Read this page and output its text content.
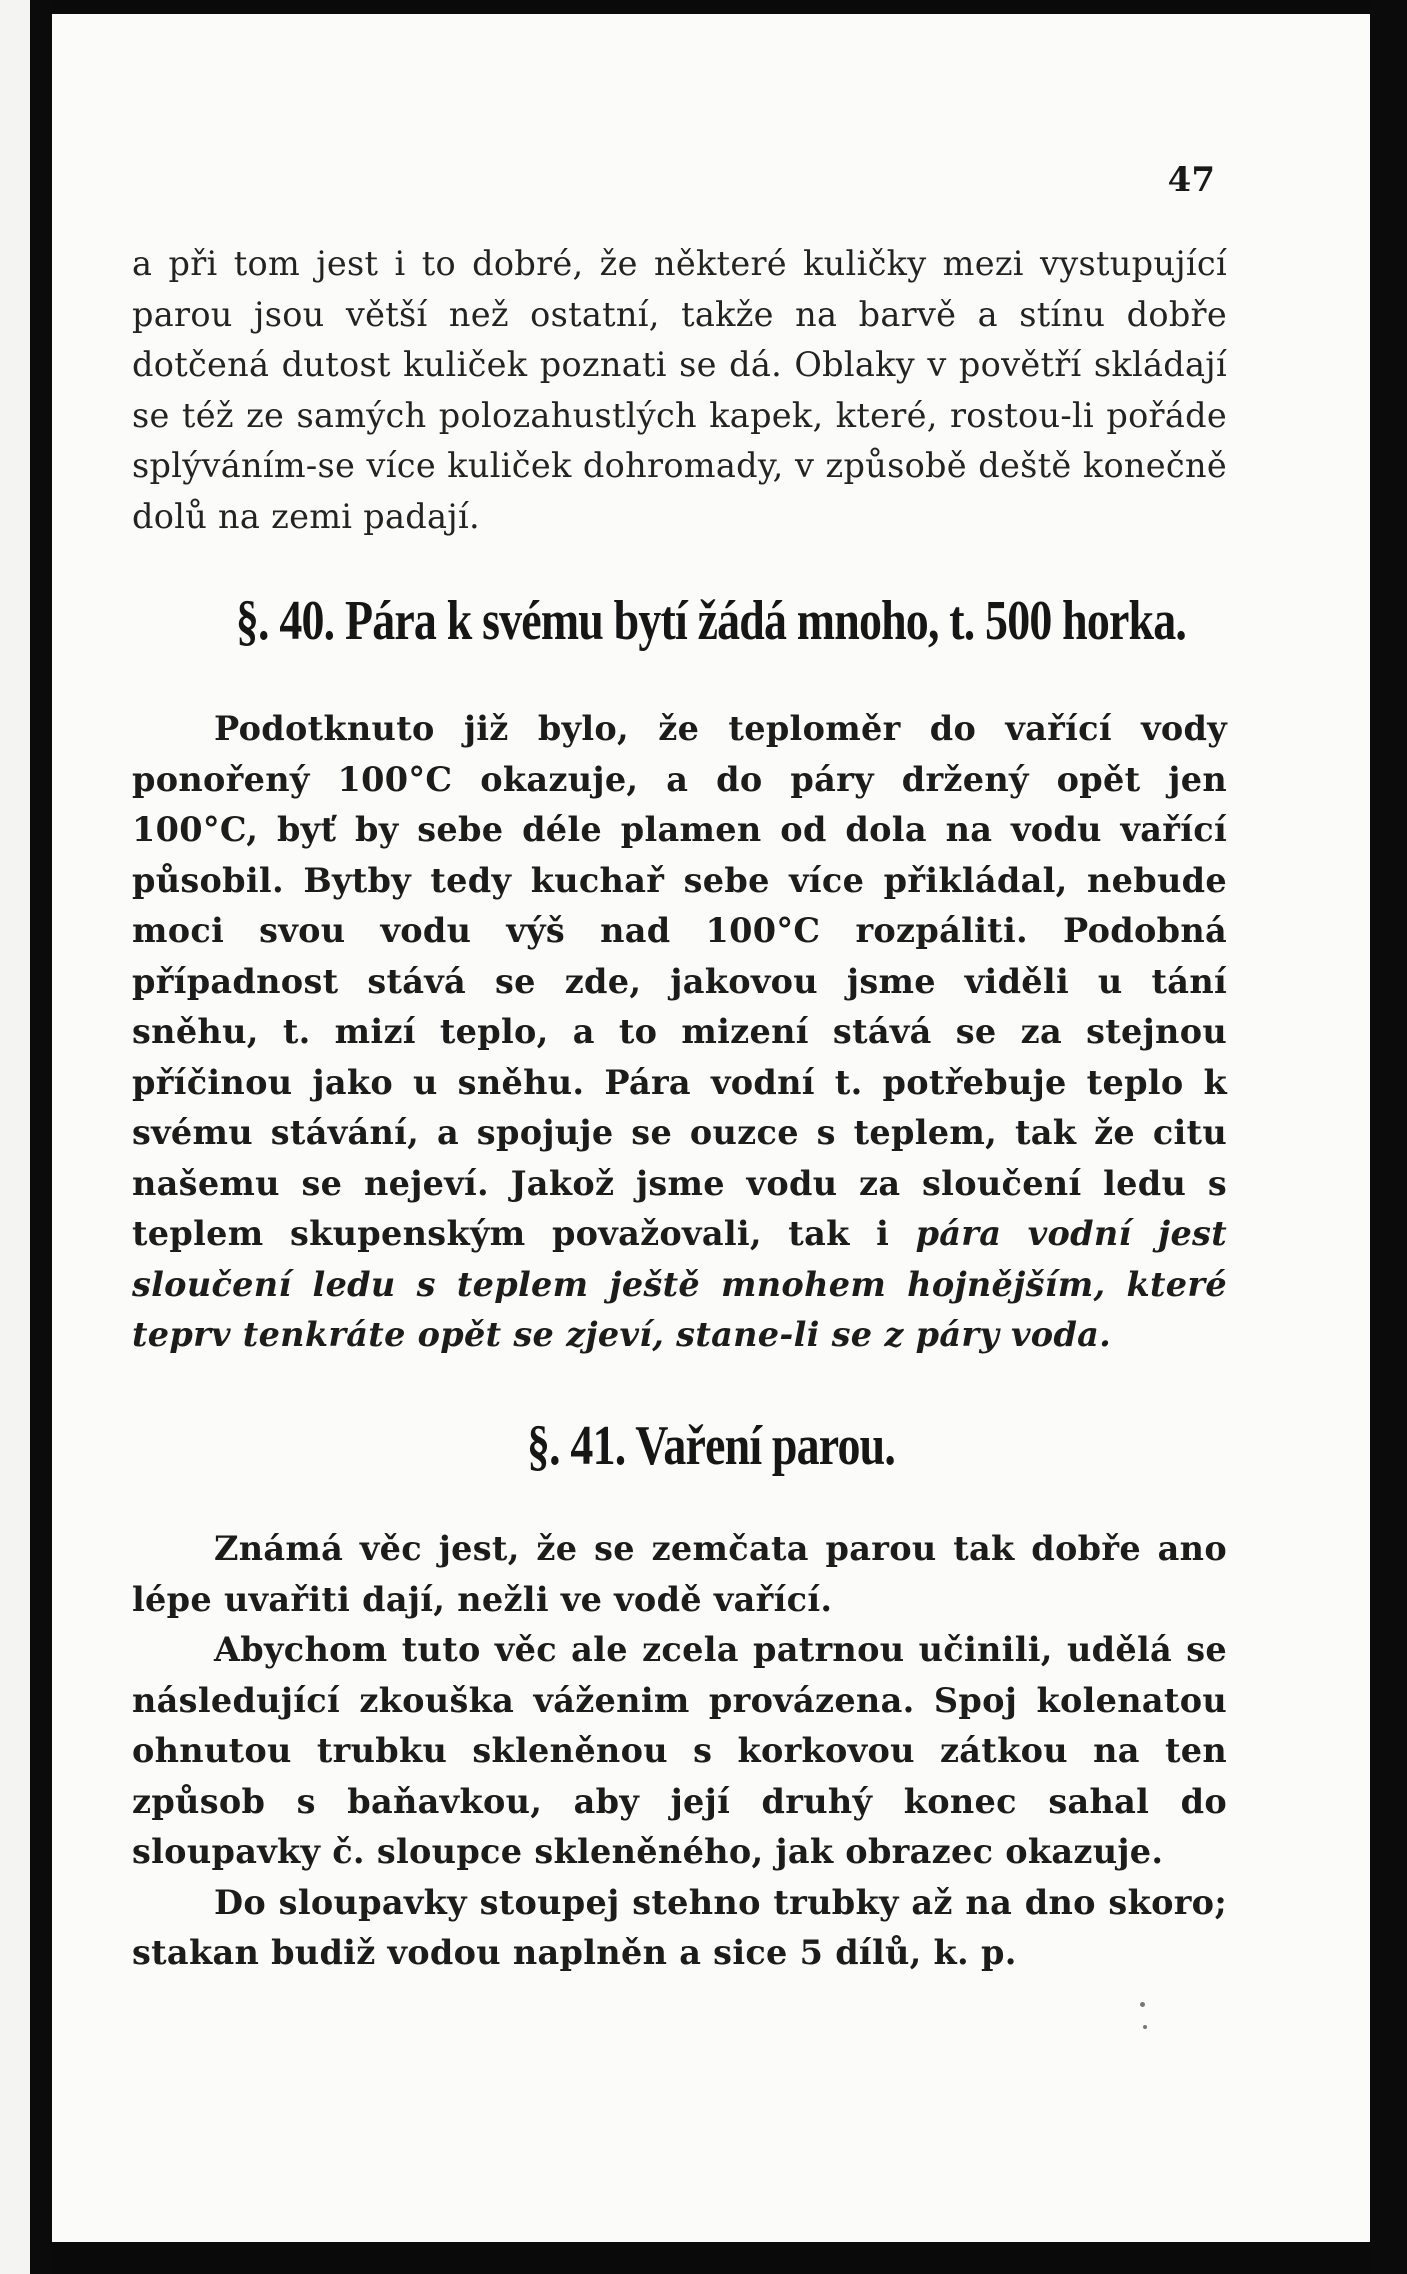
47

a při tom jest i to dobré, že některé kuličky mezi vystupující parou jsou větší než ostatní, takže na barvě a stínu dobře dotčená dutost kuliček poznati se dá. Oblaky v povětří skládají se též ze samých polozahustlých kapek, které, rostou-li pořáde splýváním-se více kuliček dohromady, v způsobě deště konečně dolů na zemi padají.

§. 40. Pára k svému bytí žádá mnoho, t. 500 horka.

Podotknuto již bylo, že teploměr do vařící vody ponořený 100°C okazuje, a do páry držený opět jen 100°C, byť by sebe déle plamen od dola na vodu vařící působil. Bytby tedy kuchař sebe více přikládal, nebude moci svou vodu výš nad 100°C rozpáliti. Podobná případnost stává se zde, jakovou jsme viděli u tání sněhu, t. mizí teplo, a to mizení stává se za stejnou příčinou jako u sněhu. Pára vodní t. potřebuje teplo k svému stávání, a spojuje se ouzce s teplem, tak že citu našemu se nejeví. Jakož jsme vodu za sloučení ledu s teplem skupenským považovali, tak i pára vodní jest sloučení ledu s teplem ještě mnohem hojnějším, které teprv tenkráte opět se zjeví, stane-li se z páry voda.

§. 41. Vaření parou.

Známá věc jest, že se zemčata parou tak dobře ano lépe uvařiti dají, nežli ve vodě vařící.

Abychom tuto věc ale zcela patrnou učinili, udělá se následující zkouška váženim provázena. Spoj kolenatou ohnutou trubku skleněnou s korkovou zátkou na ten způsob s baňavkou, aby její druhý konec sahal do sloupavky č. sloupce skleněného, jak obrazec okazuje.

Do sloupavky stoupej stehno trubky až na dno skoro; stakan budiž vodou naplněn a sice 5 dílů, k. p.
